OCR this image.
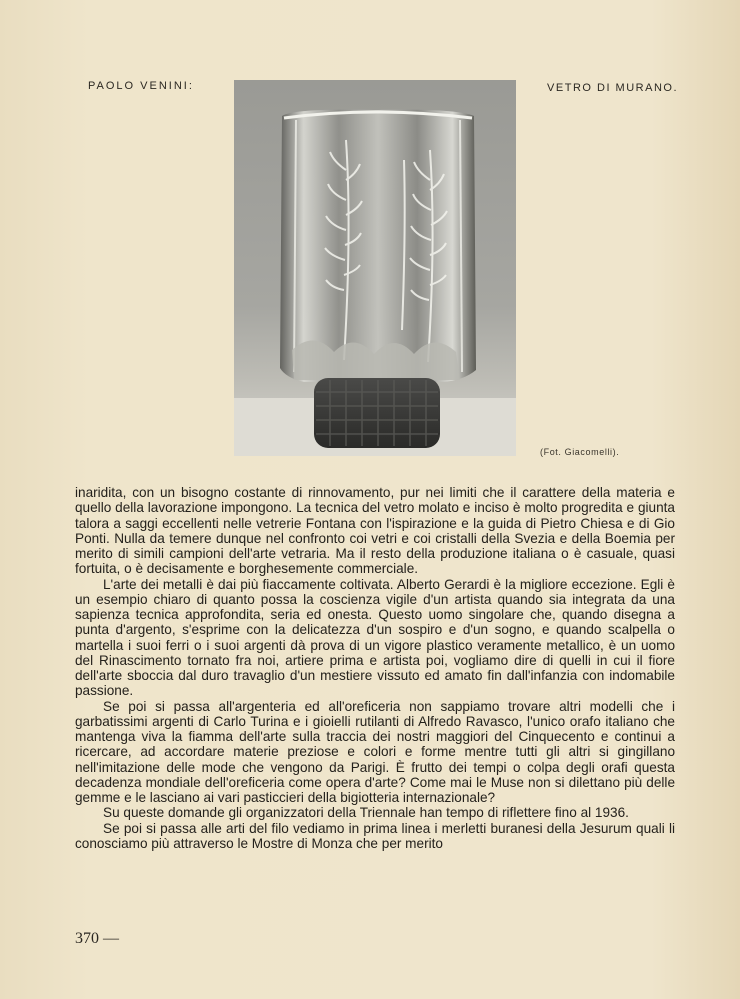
PAOLO VENINI:	VETRO DI MURANO.
(Fot. Giacomelli).

inaridita, con un bisogno costante di rinnovamento, pur nei limiti che il carattere della materia e quello della lavorazione impongono. La tecnica del vetro molato e inciso è molto progredita e giunta talora a saggi eccellenti nelle vetrerie Fontana con l'ispirazione e la guida di Pietro Chiesa e di Gio Ponti. Nulla da temere dunque nel confronto coi vetri e coi cristalli della Svezia e della Boemia per merito di simili campioni dell'arte vetraria. Ma il resto della produzione italiana o è casuale, quasi fortuita, o è decisamente e borghesemente commerciale.

L'arte dei metalli è dai più fiaccamente coltivata. Alberto Gerardi è la migliore eccezione. Egli è un esempio chiaro di quanto possa la coscienza vigile d'un artista quando sia integrata da una sapienza tecnica approfondita, seria ed onesta. Questo uomo singolare che, quando disegna a punta d'argento, s'esprime con la delicatezza d'un sospiro e d'un sogno, e quando scalpella o martella i suoi ferri o i suoi argenti dà prova di un vigore plastico veramente metallico, è un uomo del Rinascimento tornato fra noi, artiere prima e artista poi, vogliamo dire di quelli in cui il fiore dell'arte sboccia dal duro travaglio d'un mestiere vissuto ed amato fin dall'infanzia con indomabile passione.

Se poi si passa all'argenteria ed all'oreficeria non sappiamo trovare altri modelli che i garbatissimi argenti di Carlo Turina e i gioielli rutilanti di Alfredo Ravasco, l'unico orafo italiano che mantenga viva la fiamma dell'arte sulla traccia dei nostri maggiori del Cinquecento e continui a ricercare, ad accordare materie preziose e colori e forme mentre tutti gli altri si gingillano nell'imitazione delle mode che vengono da Parigi. È frutto dei tempi o colpa degli orafi questa decadenza mondiale dell'oreficeria come opera d'arte? Come mai le Muse non si dilettano più delle gemme e le lasciano ai vari pasticcieri della bigiotteria internazionale?

Su queste domande gli organizzatori della Triennale han tempo di riflettere fino al 1936.

Se poi si passa alle arti del filo vediamo in prima linea i merletti buranesi della Jesurum quali li conosciamo più attraverso le Mostre di Monza che per merito

370 —
